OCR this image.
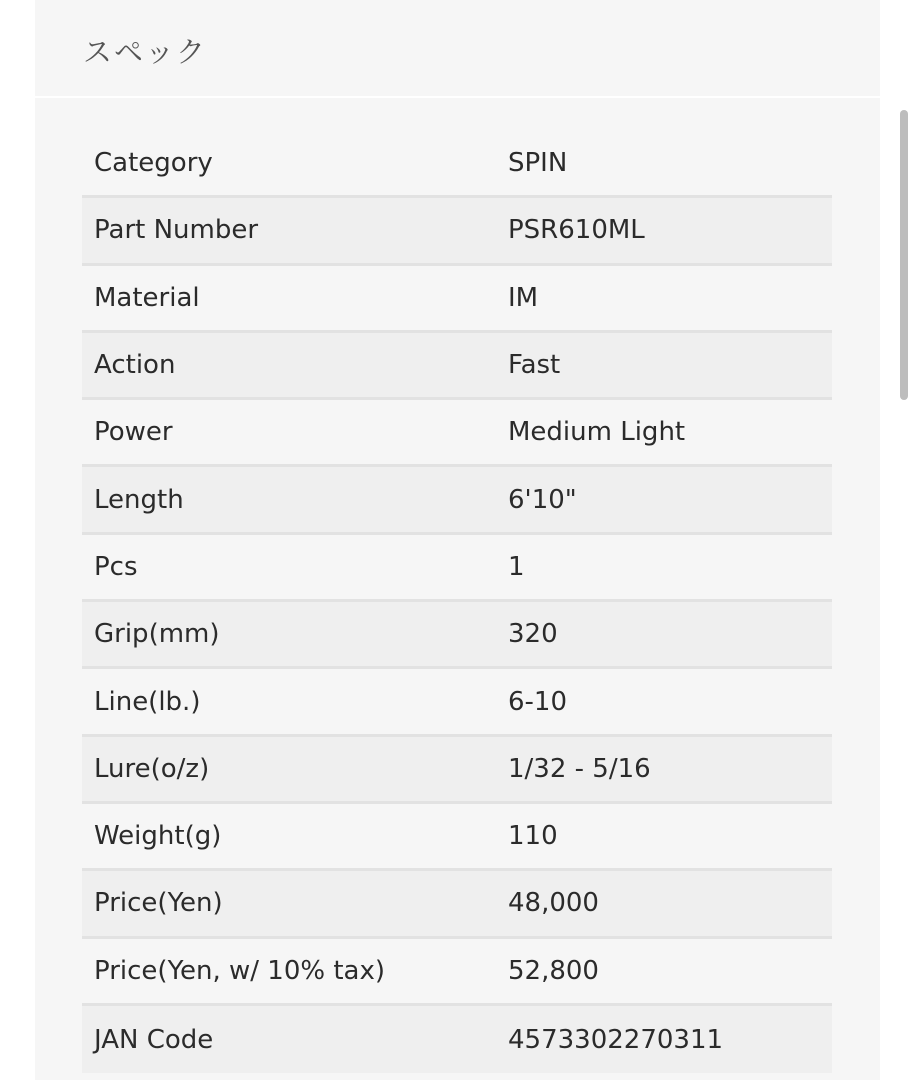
スペック
Category	SPIN
Part Number	PSR610ML
Material	IM
Action	Fast
Power	Medium Light
Length	6'10"
Pcs	1
Grip(mm)	320
Line(lb.)	6-10
Lure(o/z)	1/32 - 5/16
Weight(g)	110
Price(Yen)	48,000
Price(Yen, w/ 10% tax)	52,800
JAN Code	4573302270311
